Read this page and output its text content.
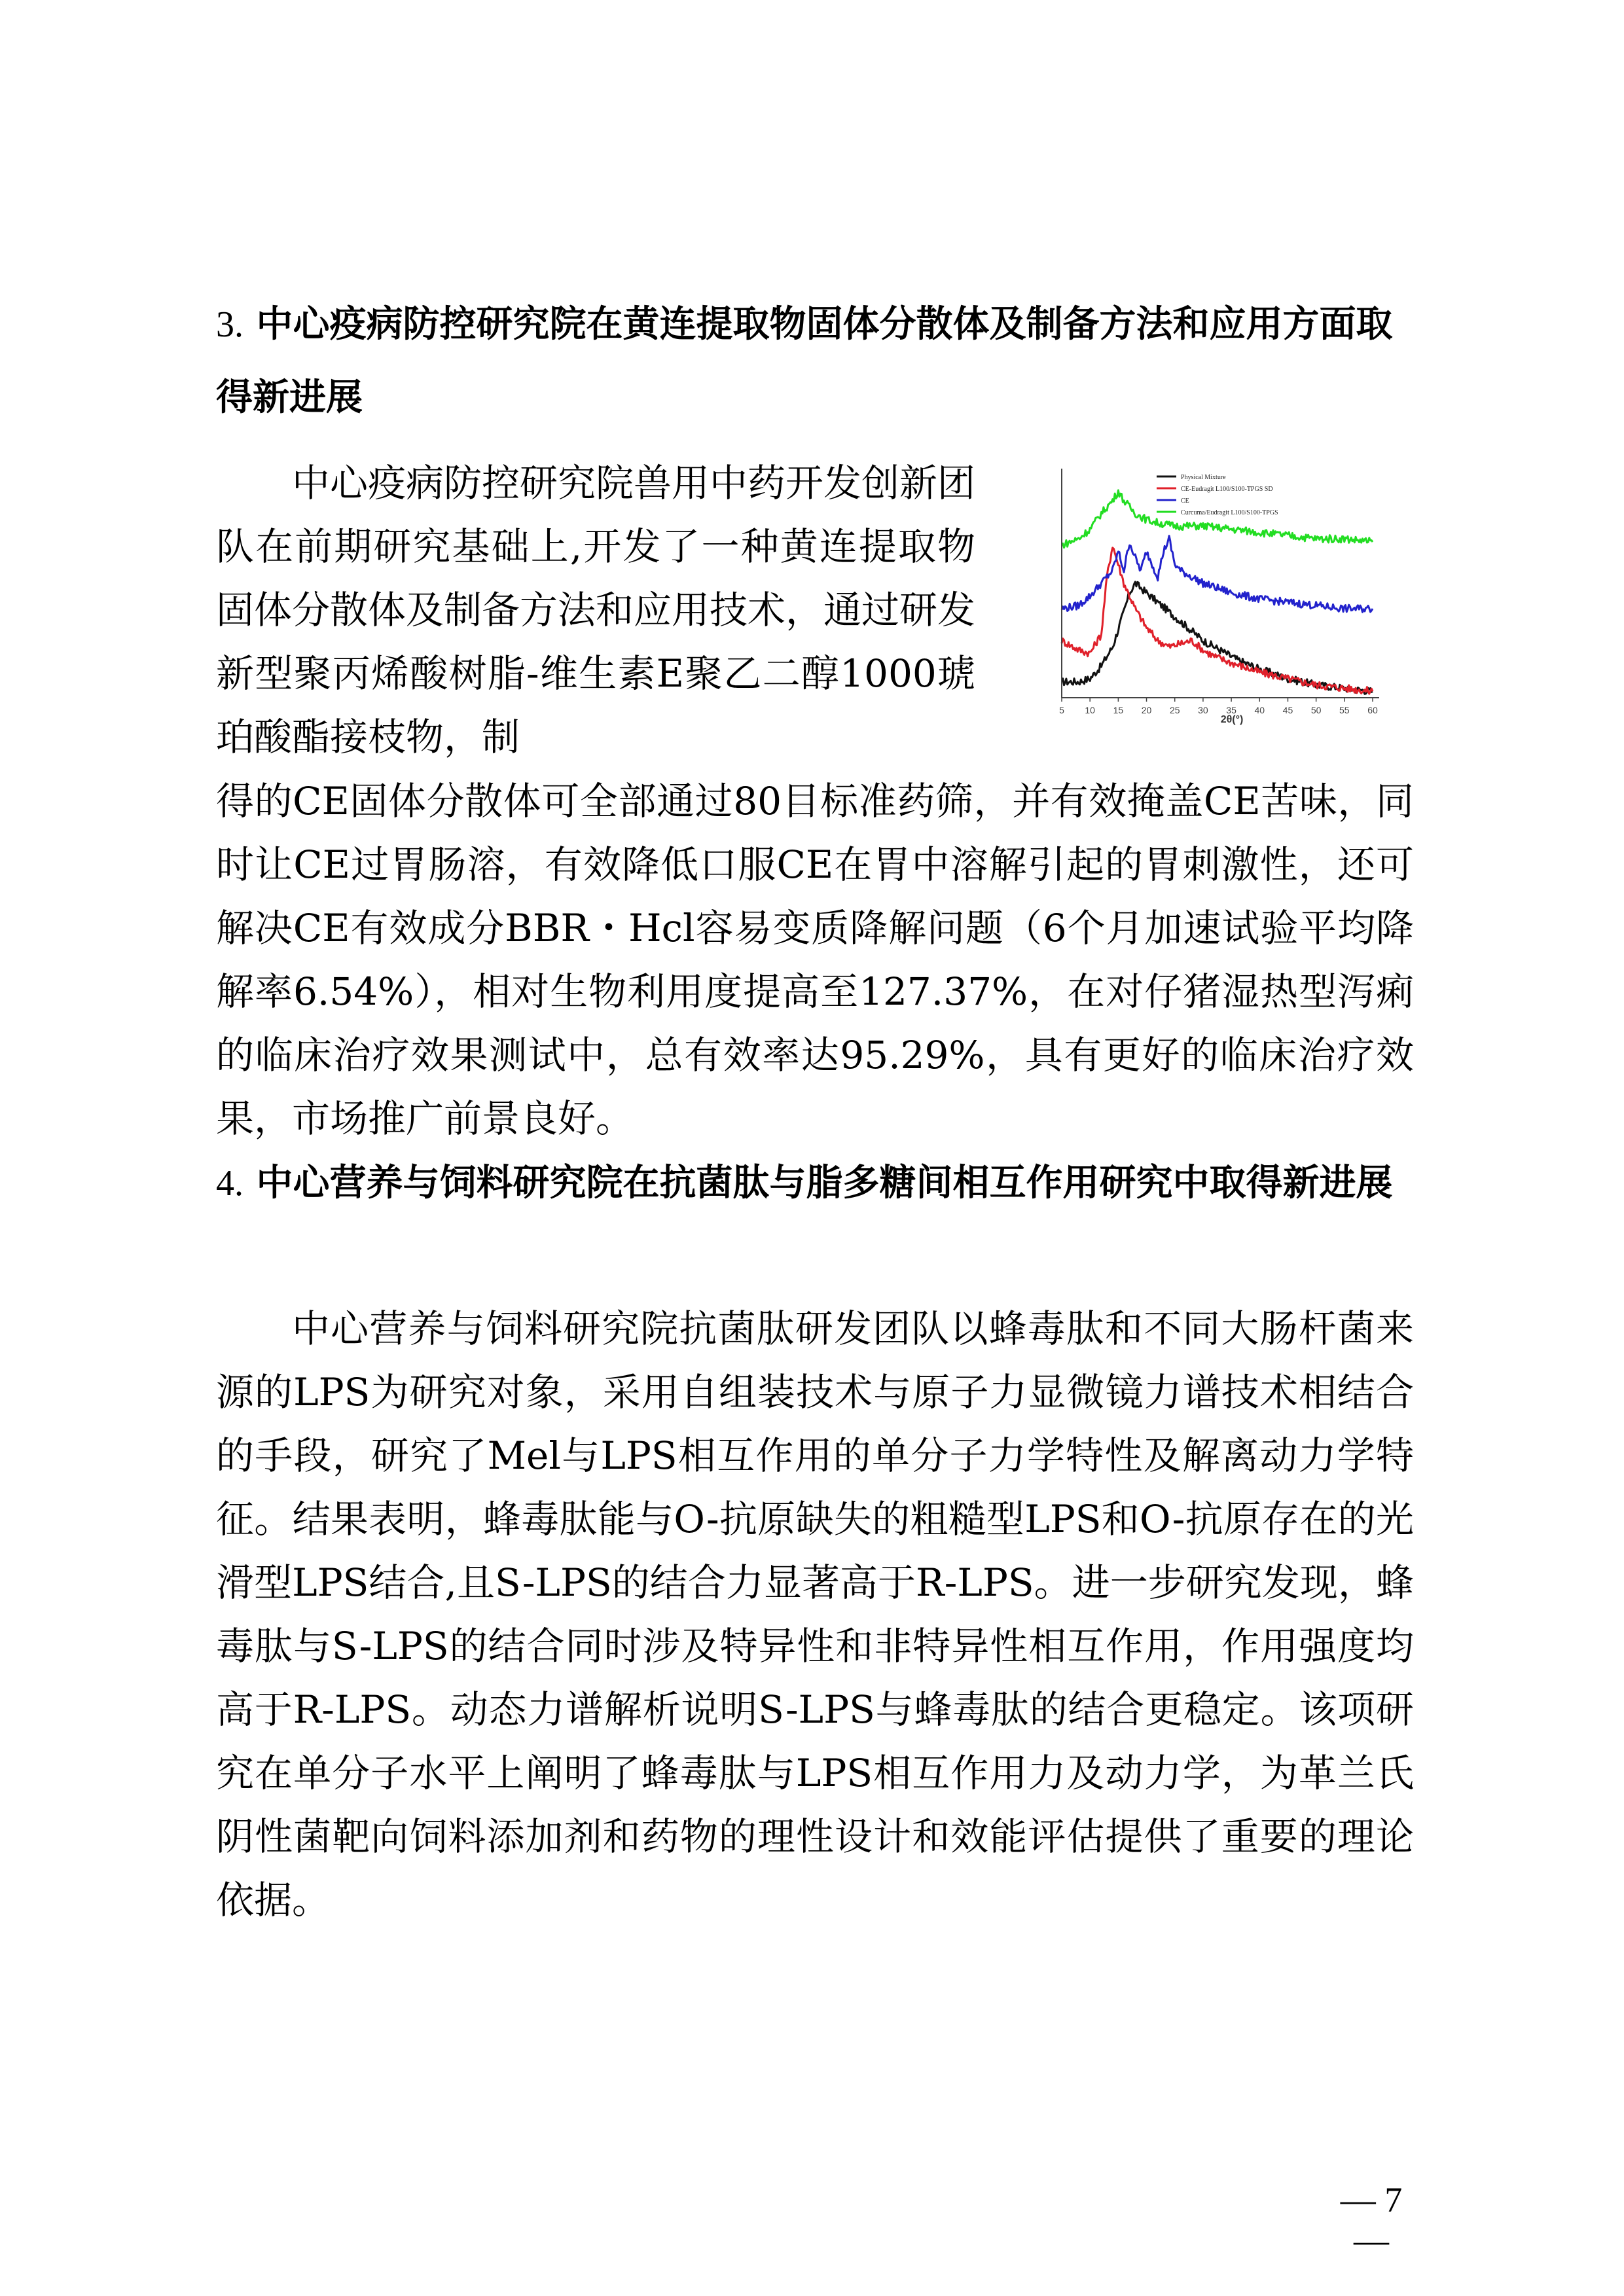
3. 中心疫病防控研究院在黄连提取物固体分散体及制备方法和应用方面取得新进展

中心疫病防控研究院兽用中药开发创新团队在前期研究基础上,开发了一种黄连提取物固体分散体及制备方法和应用技术，通过研发新型聚丙烯酸树脂-维生素E聚乙二醇1000琥珀酸酯接枝物，制

5 10 15 20 25 30 35 40 45 50 55 60
Physical Mixture
CE-Eudragit L100/S100-TPGS SD
CE
Curcuma/Eudragit L100/S100-TPGS
2θ(°)

得的CE固体分散体可全部通过80目标准药筛，并有效掩盖CE苦味，同时让CE过胃肠溶，有效降低口服CE在胃中溶解引起的胃刺激性，还可解决CE有效成分BBR・Hcl容易变质降解问题（6个月加速试验平均降解率6.54%），相对生物利用度提高至127.37%，在对仔猪湿热型泻痢的临床治疗效果测试中，总有效率达95.29%，具有更好的临床治疗效果，市场推广前景良好。

4. 中心营养与饲料研究院在抗菌肽与脂多糖间相互作用研究中取得新进展

中心营养与饲料研究院抗菌肽研发团队以蜂毒肽和不同大肠杆菌来源的LPS为研究对象，采用自组装技术与原子力显微镜力谱技术相结合的手段，研究了Mel与LPS相互作用的单分子力学特性及解离动力学特征。结果表明，蜂毒肽能与O-抗原缺失的粗糙型LPS和O-抗原存在的光滑型LPS结合,且S-LPS的结合力显著高于R-LPS。进一步研究发现，蜂毒肽与S-LPS的结合同时涉及特异性和非特异性相互作用，作用强度均高于R-LPS。动态力谱解析说明S-LPS与蜂毒肽的结合更稳定。该项研究在单分子水平上阐明了蜂毒肽与LPS相互作用力及动力学，为革兰氏阴性菌靶向饲料添加剂和药物的理性设计和效能评估提供了重要的理论依据。

— 7 —
